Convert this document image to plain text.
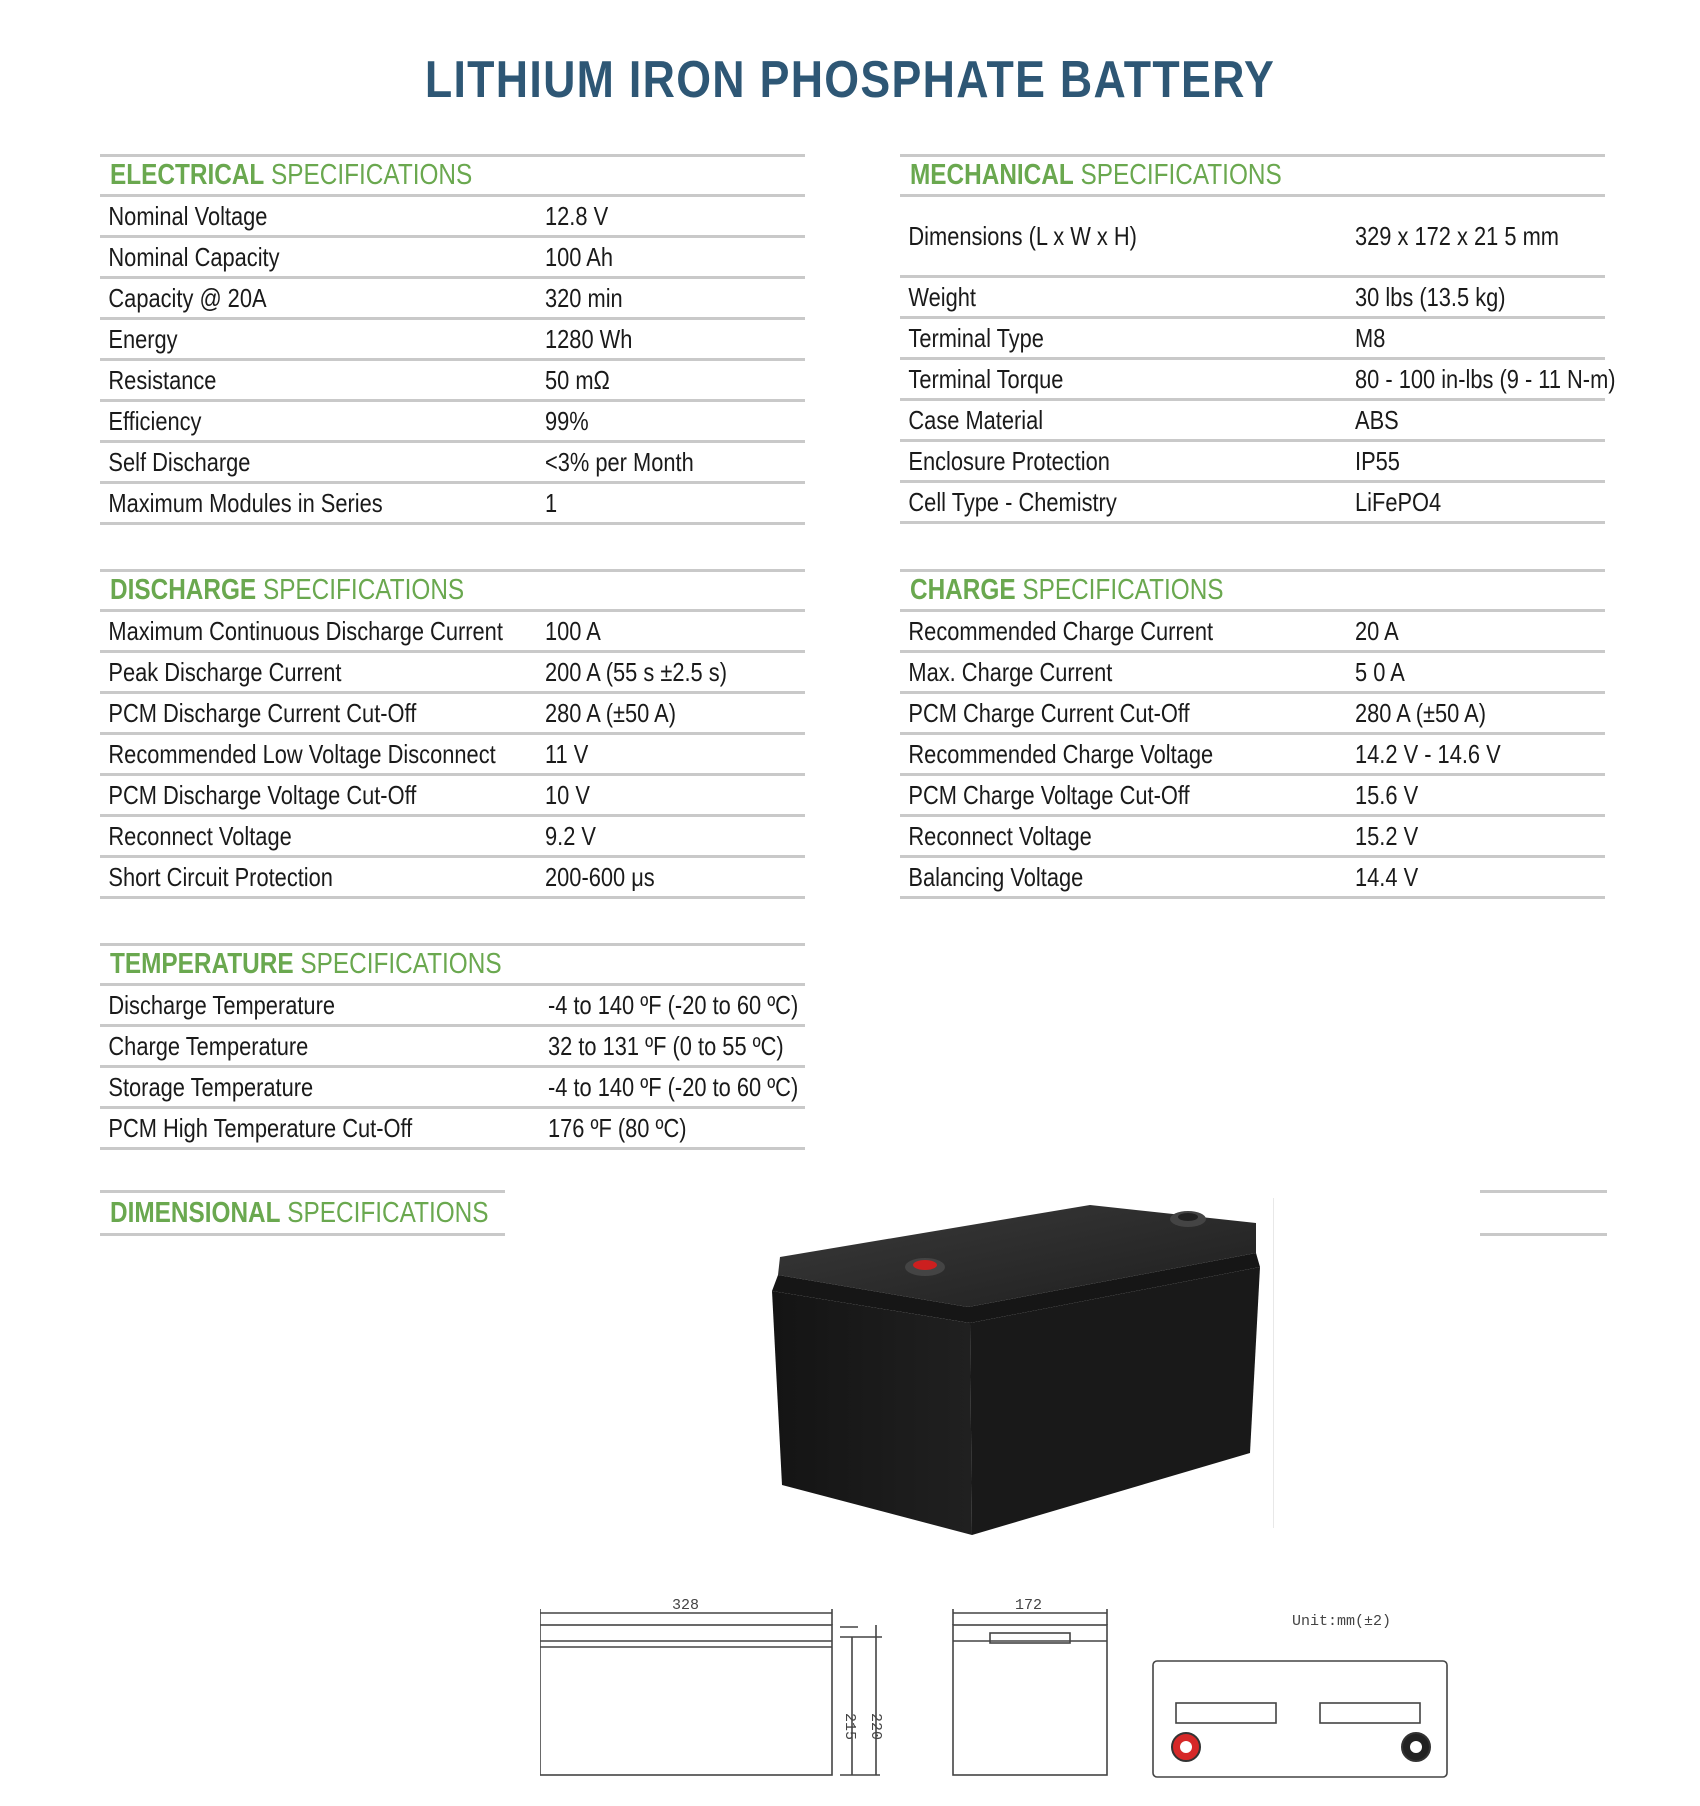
LITHIUM IRON PHOSPHATE BATTERY
ELECTRICAL SPECIFICATIONS
Nominal Voltage	12.8 V
Nominal Capacity	100 Ah
Capacity @ 20A	320 min
Energy	1280 Wh
Resistance	50 mΩ
Efficiency	99%
Self Discharge	<3% per Month
Maximum Modules in Series	1
MECHANICAL SPECIFICATIONS
Dimensions (L x W x H)	329 x 172 x 21 5 mm
Weight	30 lbs (13.5 kg)
Terminal Type	M8
Terminal Torque	80 - 100 in-lbs (9 - 11 N-m)
Case Material	ABS
Enclosure Protection	IP55
Cell Type - Chemistry	LiFePO4
DISCHARGE SPECIFICATIONS
Maximum Continuous Discharge Current 100 A
Peak Discharge Current	200 A (55 s ±2.5 s)
PCM Discharge Current Cut-Off	280 A (±50 A)
Recommended Low Voltage Disconnect 11 V
PCM Discharge Voltage Cut-Off	10 V
Reconnect Voltage	9.2 V
Short Circuit Protection	200-600 μs
CHARGE SPECIFICATIONS
Recommended Charge Current	20 A
Max. Charge Current	5 0 A
PCM Charge Current Cut-Off	280 A (±50 A)
Recommended Charge Voltage	14.2 V - 14.6 V
PCM Charge Voltage Cut-Off	15.6 V
Reconnect Voltage	15.2 V
Balancing Voltage	14.4 V
TEMPERATURE SPECIFICATIONS
Discharge Temperature	-4 to 140 ºF (-20 to 60 ºC)
Charge Temperature	32 to 131 ºF (0 to 55 ºC)
Storage Temperature	-4 to 140 ºF (-20 to 60 ºC)
PCM High Temperature Cut-Off	176 ºF (80 ºC)
DIMENSIONAL SPECIFICATIONS
328	172
Unit:mm(±2)
215 220
